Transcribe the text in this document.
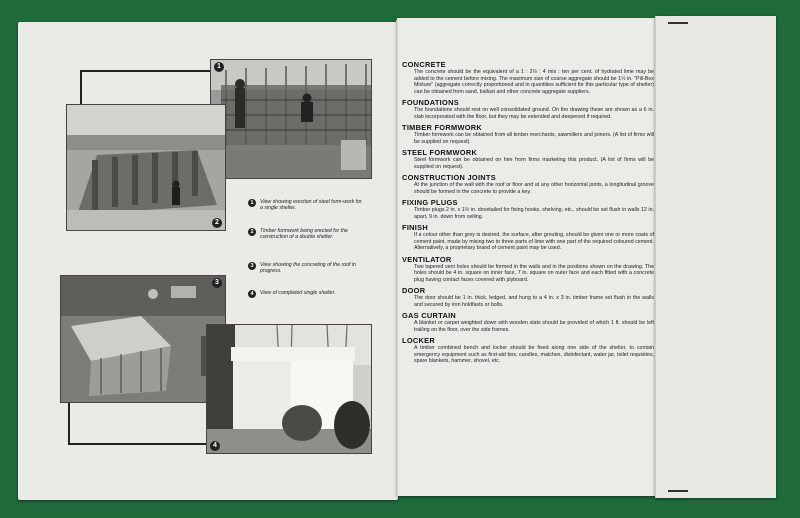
1
2
3
4
1	View showing erection of steel form-work for a single shelter.
2	Timber formwork being erected for the construction of a double shelter.
3	View showing the concreting of the roof in progress.
4	View of completed single shelter.
CONCRETE

The concrete should be the equivalent of a 1 : 2½ : 4 mix : ten per cent. of hydrated lime may be added to the cement before mixing. The maximum size of coarse aggregate should be 1½ in. "Pill-Box Mixture" (aggregate correctly proportioned and in quantities sufficient for this particular type of shelter) can be obtained from sand, ballast and other concrete aggregate suppliers.

FOUNDATIONS

The foundations should rest on well consolidated ground. On the drawing these are shown as a 6 in. slab incorporated with the floor, but they may be extended and deepened if required.

TIMBER FORMWORK

Timber formwork can be obtained from all timber merchants, sawmillers and joiners. (A list of firms will be supplied on request).

STEEL FORMWORK

Steel formwork can be obtained on hire from firms marketing this product. (A list of firms will be supplied on request).

CONSTRUCTION JOINTS

At the junction of the wall with the roof or floor and at any other horizontal joints, a longitudinal groove should be formed in the concrete to provide a key.

FIXING PLUGS

Timber plugs 2 in. x 1½ in. dovetailed for fixing hooks, shelving, etc., should be set flush in walls 12 in. apart, 9 in. down from ceiling.

FINISH

If a colour other than grey is desired, the surface, after grouting, should be given one or more coats of cement paint, made by mixing two to three parts of lime with one part of the required coloured cement. Alternatively, a proprietary brand of cement paint may be used.

VENTILATOR

Two tapered vent holes should be formed in the walls and in the positions shown on the drawing. The holes should be 4 in. square on inner face, 7 in. square on outer face and each fitted with a concrete plug having contact faces covered with plyboard.

DOOR

The door should be 1 in. thick, ledged, and hung to a 4 in. x 3 in. timber frame set flush in the walls and secured by iron holdfasts or bolts.

GAS CURTAIN

A blanket or carpet weighted down with wooden slats should be provided of which 1 ft. should be left trailing on the floor, over the side frames.

LOCKER

A timber combined bench and locker should be fixed along one side of the shelter, to contain emergency equipment such as first-aid box, candles, matches, disinfectant, water jar, toilet requisites, spare blankets, hammer, shovel, etc.
